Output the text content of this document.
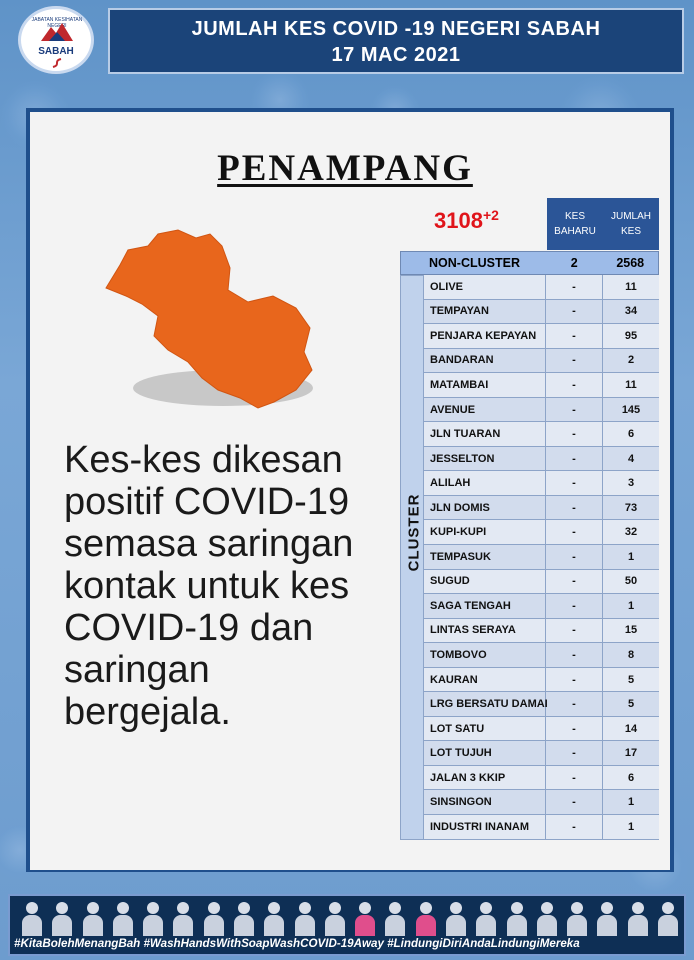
JABATAN KESIHATAN NEGERI
SABAH
JUMLAH KES COVID -19 NEGERI SABAH
17 MAC 2021
PENAMPANG
Kes-kes dikesan
positif COVID-19
semasa saringan
kontak untuk kes
COVID-19 dan
saringan
bergejala.
$3108^{+2}$	KES
BAHARU
JUMLAH
KES
NON-CLUSTER	2	2568
CLUSTER
OLIVE	-	11
TEMPAYAN	-	34
PENJARA KEPAYAN	-	95
BANDARAN	-	2
MATAMBAI	-	11
AVENUE	-	145
JLN TUARAN	-	6
JESSELTON	-	4
ALILAH	-	3
JLN DOMIS	-	73
KUPI-KUPI	-	32
TEMPASUK	-	1
SUGUD	-	50
SAGA TENGAH	-	1
LINTAS SERAYA	-	15
TOMBOVO	-	8
KAURAN	-	5
LRG BERSATU DAMAI	-	5
LOT SATU	-	14
LOT TUJUH	-	17
JALAN 3 KKIP	-	6
SINSINGON	-	1
INDUSTRI INANAM	-	1
#KitaBolehMenangBah #WashHandsWithSoapWashCOVID-19Away #LindungiDiriAndaLindungiMereka
